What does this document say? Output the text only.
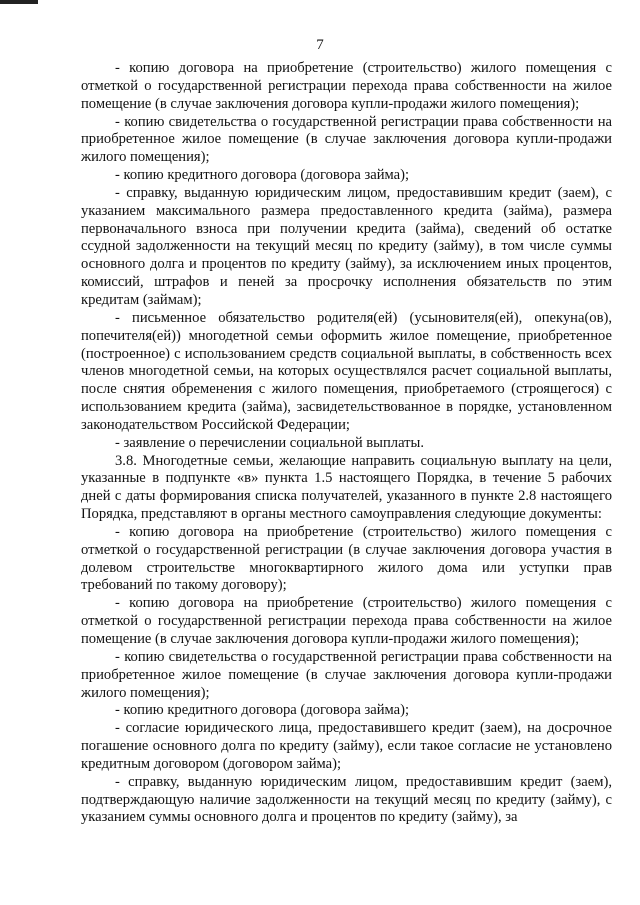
7

- копию договора на приобретение (строительство) жилого помещения с отметкой о государственной регистрации перехода права собственности на жилое помещение (в случае заключения договора купли-продажи жилого помещения);

- копию свидетельства о государственной регистрации права собственности на приобретенное жилое помещение (в случае заключения договора купли-продажи жилого помещения);

- копию кредитного договора (договора займа);

- справку, выданную юридическим лицом, предоставившим кредит (заем), с указанием максимального размера предоставленного кредита (займа), размера первоначального взноса при получении кредита (займа), сведений об остатке ссудной задолженности на текущий месяц по кредиту (займу), в том числе суммы основного долга и процентов по кредиту (займу), за исключением иных процентов, комиссий, штрафов и пеней за просрочку исполнения обязательств по этим кредитам (займам);

- письменное обязательство родителя(ей) (усыновителя(ей), опекуна(ов), попечителя(ей)) многодетной семьи оформить жилое помещение, приобретенное (построенное) с использованием средств социальной выплаты, в собственность всех членов многодетной семьи, на которых осуществлялся расчет социальной выплаты, после снятия обременения с жилого помещения, приобретаемого (строящегося) с использованием кредита (займа), засвидетельствованное в порядке, установленном законодательством Российской Федерации;

- заявление о перечислении социальной выплаты.

3.8. Многодетные семьи, желающие направить социальную выплату на цели, указанные в подпункте «в» пункта 1.5 настоящего Порядка, в течение 5 рабочих дней с даты формирования списка получателей, указанного в пункте 2.8 настоящего Порядка, представляют в органы местного самоуправления следующие документы:

- копию договора на приобретение (строительство) жилого помещения с отметкой о государственной регистрации (в случае заключения договора участия в долевом строительстве многоквартирного жилого дома или уступки прав требований по такому договору);

- копию договора на приобретение (строительство) жилого помещения с отметкой о государственной регистрации перехода права собственности на жилое помещение (в случае заключения договора купли-продажи жилого помещения);

- копию свидетельства о государственной регистрации права собственности на приобретенное жилое помещение (в случае заключения договора купли-продажи жилого помещения);

- копию кредитного договора (договора займа);

- согласие юридического лица, предоставившего кредит (заем), на досрочное погашение основного долга по кредиту (займу), если такое согласие не установлено кредитным договором (договором займа);

- справку, выданную юридическим лицом, предоставившим кредит (заем), подтверждающую наличие задолженности на текущий месяц по кредиту (займу), с указанием суммы основного долга и процентов по кредиту (займу), за
